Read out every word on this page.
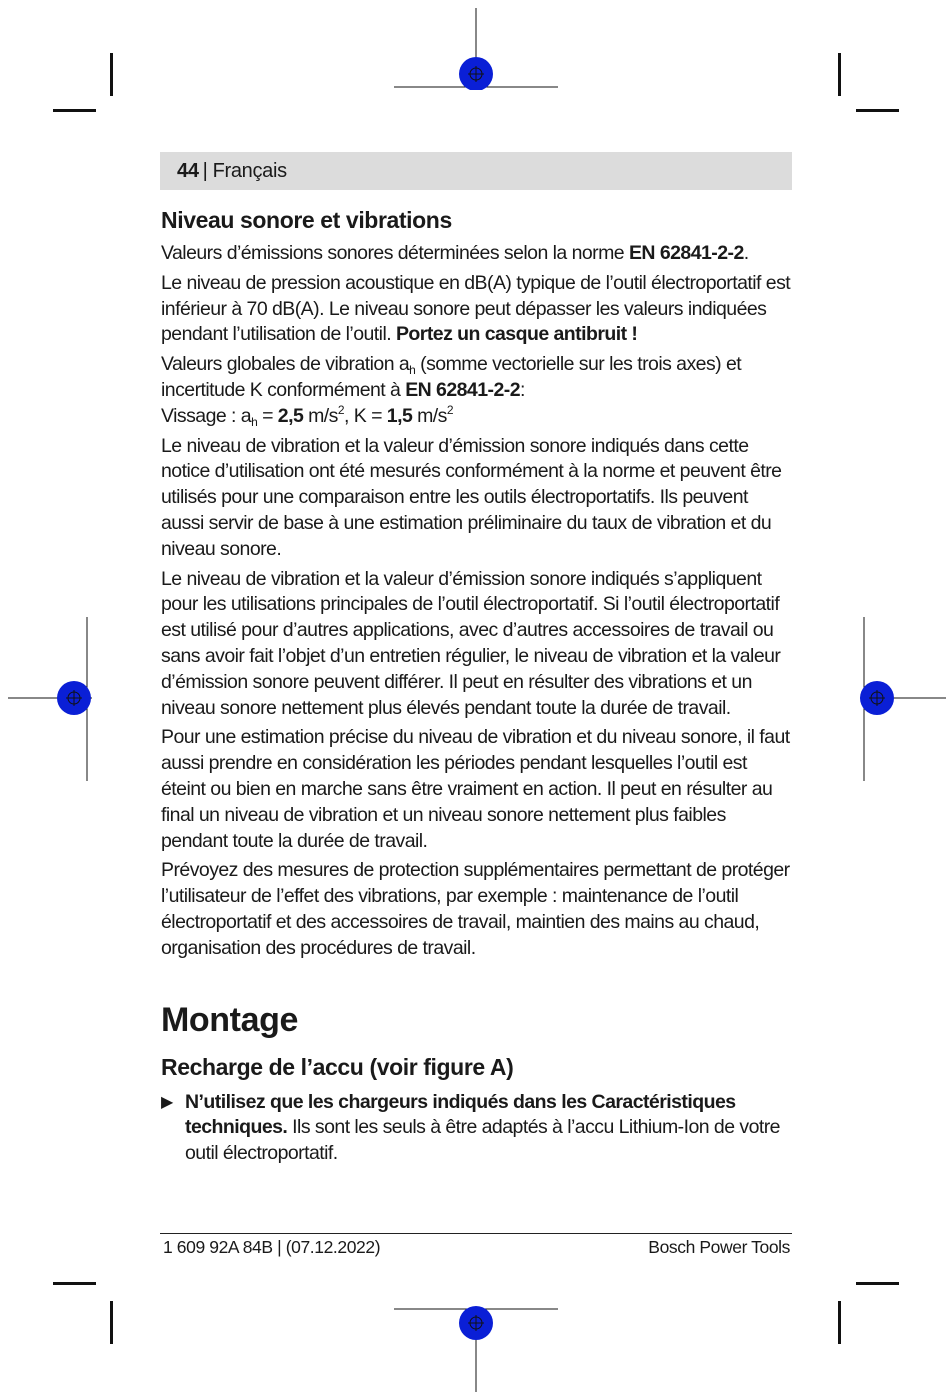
44 | Français
Niveau sonore et vibrations

Valeurs d’émissions sonores déterminées selon la norme EN 62841-2-2.

Le niveau de pression acoustique en dB(A) typique de l’outil électroportatif est inférieur à 70 dB(A). Le niveau sonore peut dépasser les valeurs indiquées pendant l’utilisation de l’outil. Portez un casque antibruit !

Valeurs globales de vibration $a_h$ (somme vectorielle sur les trois axes) et incertitude K conformément à EN 62841-2-2:

Vissage : $a_h = 2,5$ $m/s^2$, K = 1,5 $m/s^2$

Le niveau de vibration et la valeur d’émission sonore indiqués dans cette notice d’utilisation ont été mesurés conformément à la norme et peuvent être utilisés pour une comparaison entre les outils électroportatifs. Ils peuvent aussi servir de base à une estimation préliminaire du taux de vibration et du niveau sonore.

Le niveau de vibration et la valeur d’émission sonore indiqués s’appliquent pour les utilisations principales de l’outil électroportatif. Si l’outil électroportatif est utilisé pour d’autres applications, avec d’autres accessoires de travail ou sans avoir fait l’objet d’un entretien régulier, le niveau de vibration et la valeur d’émission sonore peuvent différer. Il peut en résulter des vibrations et un niveau sonore nettement plus élevés pendant toute la durée de travail.

Pour une estimation précise du niveau de vibration et du niveau sonore, il faut aussi prendre en considération les périodes pendant lesquelles l’outil est éteint ou bien en marche sans être vraiment en action. Il peut en résulter au final un niveau de vibration et un niveau sonore nettement plus faibles pendant toute la durée de travail.

Prévoyez des mesures de protection supplémentaires permettant de protéger l’utilisateur de l’effet des vibrations, par exemple : maintenance de l’outil électroportatif et des accessoires de travail, maintien des mains au chaud, organisation des procédures de travail.

Montage
Recharge de l’accu (voir figure A)
▶ N’utilisez que les chargeurs indiqués dans les Caractéristiques techniques. Ils sont les seuls à être adaptés à l’accu Lithium-Ion de votre outil électroportatif.
1 609 92A 84B | (07.12.2022)	Bosch Power Tools
